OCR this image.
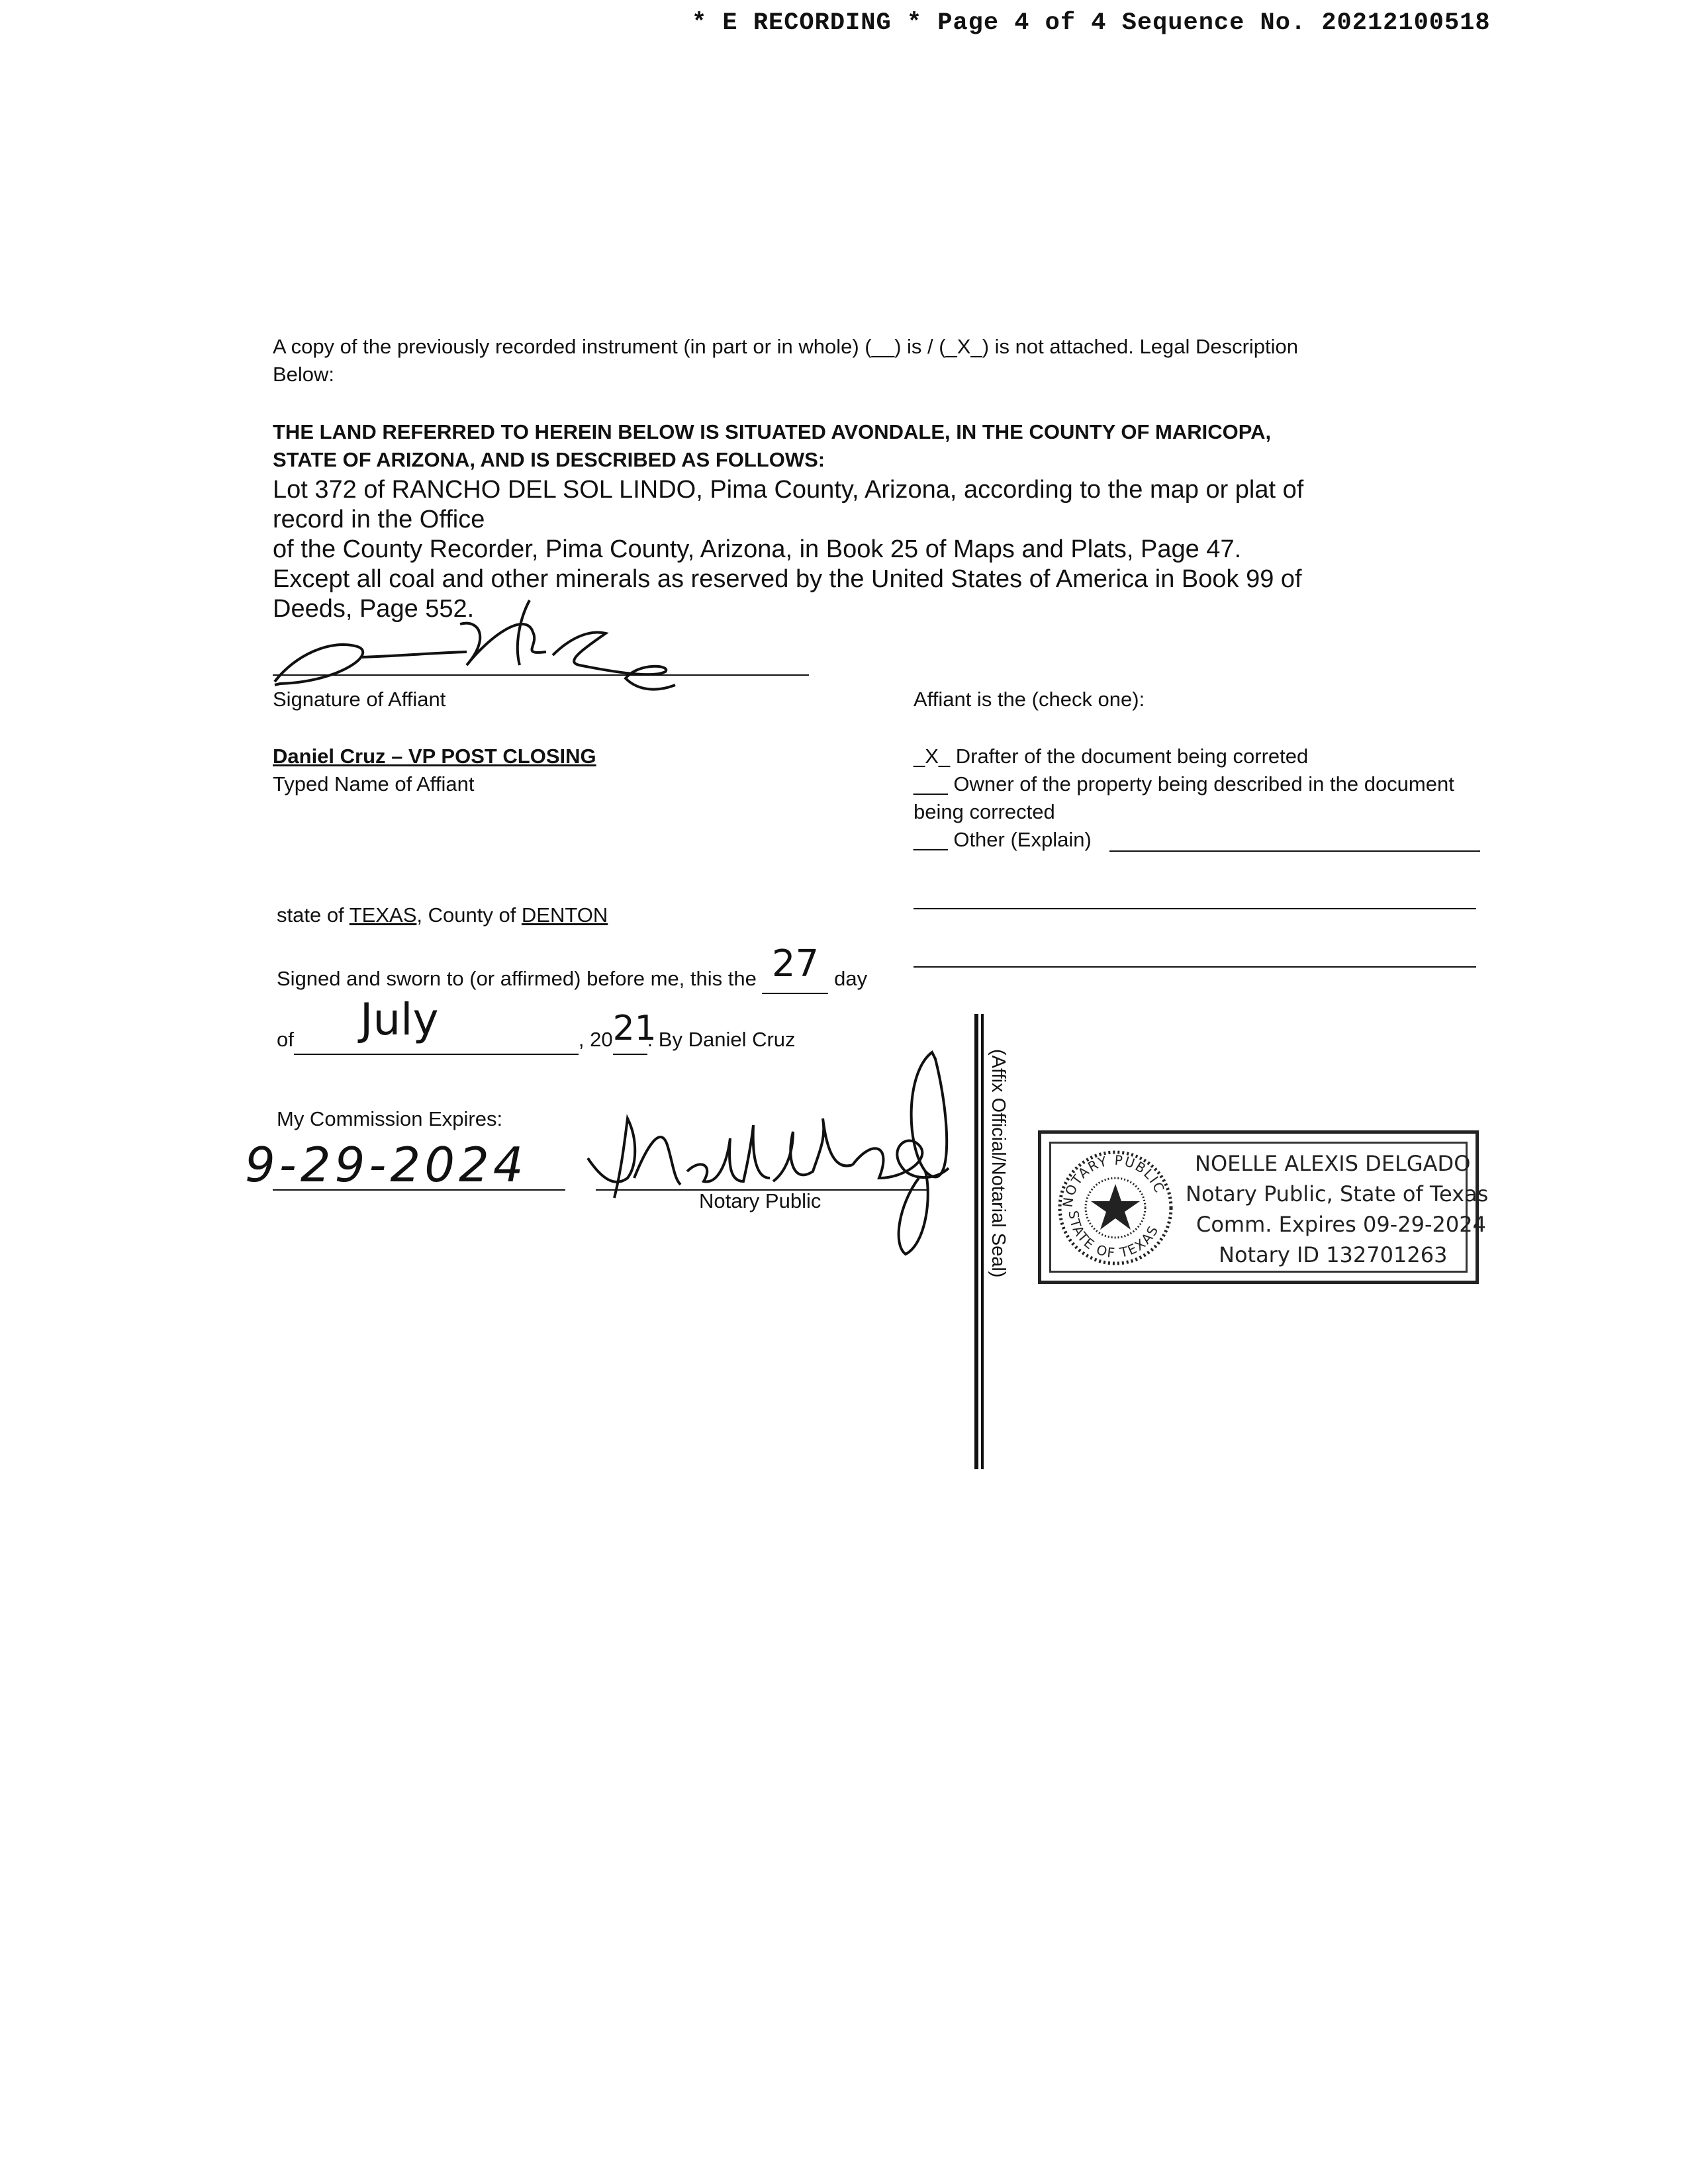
* E RECORDING * Page 4 of 4 Sequence No. 20212100518
A copy of the previously recorded instrument (in part or in whole) (__) is / (_X_) is not attached. Legal Description
Below:
THE LAND REFERRED TO HEREIN BELOW IS SITUATED AVONDALE, IN THE COUNTY OF MARICOPA,
STATE OF ARIZONA, AND IS DESCRIBED AS FOLLOWS:
Lot 372 of RANCHO DEL SOL LINDO, Pima County, Arizona, according to the map or plat of
record in the Office
of the County Recorder, Pima County, Arizona, in Book 25 of Maps and Plats, Page 47.
Except all coal and other minerals as reserved by the United States of America in Book 99 of
Deeds, Page 552.
Signature of Affiant
Daniel Cruz – VP POST CLOSING
Typed Name of Affiant
Affiant is the (check one):
_X_ Drafter of the document being correted
___ Owner of the property being described in the document
being corrected
___ Other (Explain)
state of TEXAS, County of DENTON
Signed and sworn to (or affirmed) before me, this the 27 day
of July	, 2021. By Daniel Cruz
My Commission Expires:
9-29-2024
Notary Public	(Affix Official/Notarial Seal)	NOTARY PUBLIC
STATE OF TEXAS
NOELLE ALEXIS DELGADO
Notary Public, State of Texas
Comm. Expires 09-29-2024
Notary ID 132701263
